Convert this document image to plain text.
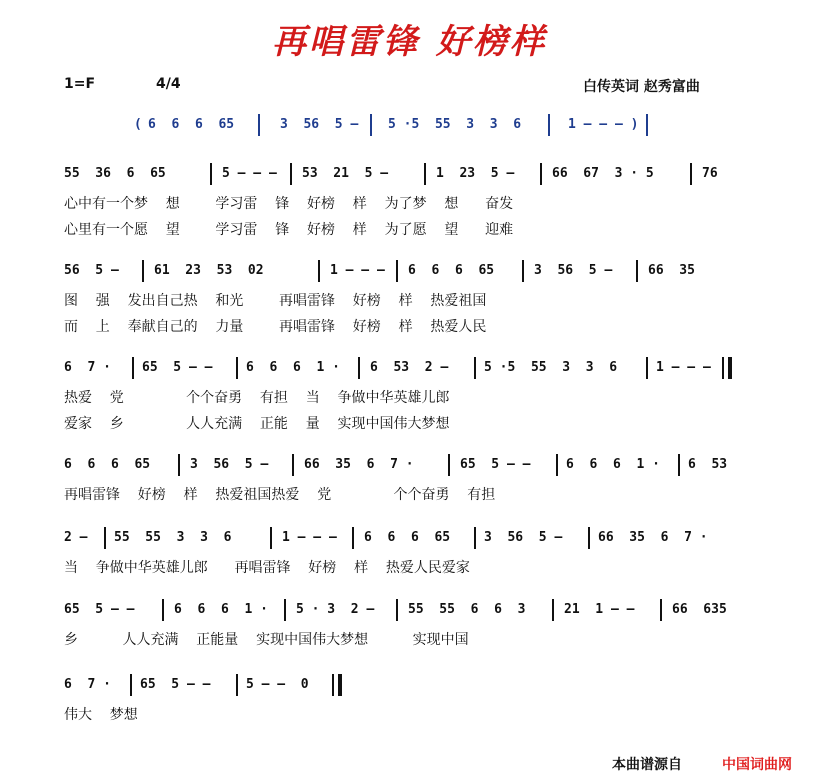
再唱雷锋 好榜样
1=F	4/4	白传英词 赵秀富曲
本曲谱源自	中国词曲网
( 6  6  6  65	3  56  5 – 5 ·5  55  3  3  6	1 – – – )
55  36  6  65	5 – – – 53  21  5 –	1  23  5 –	66  67  3 · 5	76
心中有一个梦    想        学习雷    锋    好榜    样    为了梦    想      奋发
心里有一个愿    望        学习雷    锋    好榜    样    为了愿    望      迎难
56  5 –	61  23  53  02	1 – – – 6  6  6  65	3  56  5 –	66  35
图    强    发出自己热    和光        再唱雷锋    好榜    样    热爱祖国
而    上    奉献自己的    力量        再唱雷锋    好榜    样    热爱人民
6  7 · 65  5 – –	6  6  6  1 · 6  53  2 –	5 ·5  55  3  3  6	1 – – –
热爱    党              个个奋勇    有担    当    争做中华英雄儿郎
爱家    乡              人人充满    正能    量    实现中国伟大梦想
6  6  6  65	3  56  5 –	66  35  6  7 ·	65  5 – –	6  6  6  1 · 6  53
再唱雷锋    好榜    样    热爱祖国热爱    党              个个奋勇    有担
2 – 55  55  3  3  6	1 – – – 6  6  6  65	3  56  5 –	66  35  6  7 ·
当    争做中华英雄儿郎      再唱雷锋    好榜    样    热爱人民爱家
65  5 – –	6  6  6  1 · 5 · 3  2 –	55  55  6  6  3	21  1 – –	66  635
乡          人人充满    正能量    实现中国伟大梦想          实现中国
6  7 · 65  5 – –	5 – –  0
伟大    梦想
